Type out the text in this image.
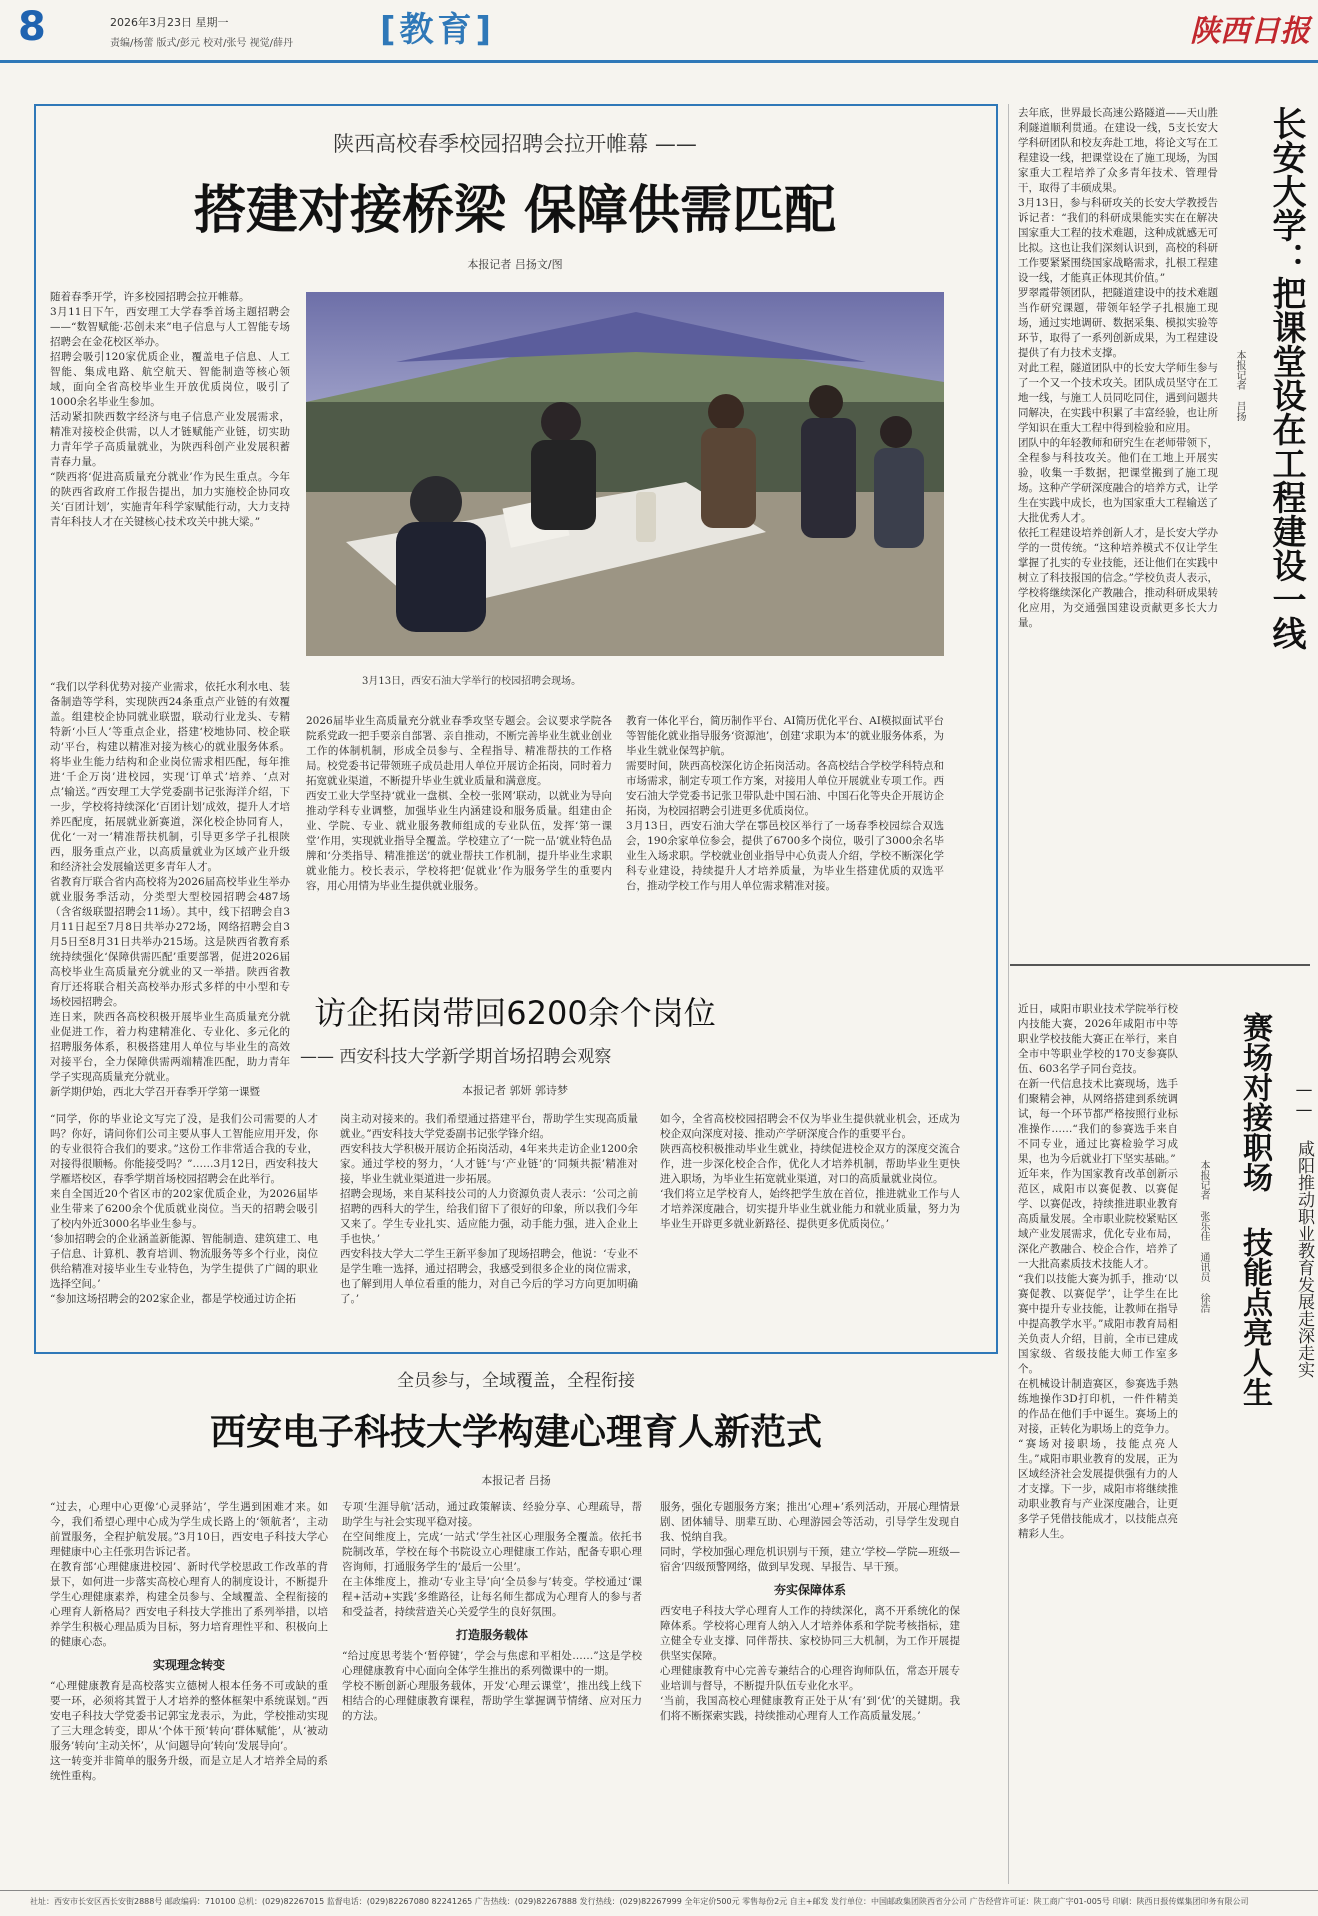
8	2026年3月23日 星期一
责编/杨蕾 版式/彭元 校对/张号 视觉/薛丹	[教育]	陕西日报
陕西高校春季校园招聘会拉开帷幕 ——
搭建对接桥梁 保障供需匹配
本报记者 吕扬文/图
随着春季开学，许多校园招聘会拉开帷幕。
3月11日下午，西安理工大学春季首场主题招聘会——“数智赋能·芯创未来”电子信息与人工智能专场招聘会在金花校区举办。
招聘会吸引120家优质企业，覆盖电子信息、人工智能、集成电路、航空航天、智能制造等核心领域，面向全省高校毕业生开放优质岗位，吸引了1000余名毕业生参加。
活动紧扣陕西数字经济与电子信息产业发展需求，精准对接校企供需，以人才链赋能产业链，切实助力青年学子高质量就业，为陕西科创产业发展积蓄青春力量。
“陕西将‘促进高质量充分就业’作为民生重点。今年的陕西省政府工作报告提出，加力实施校企协同攻关‘百团计划’，实施青年科学家赋能行动，大力支持青年科技人才在关键核心技术攻关中挑大梁。”
3月13日，西安石油大学举行的校园招聘会现场。
“我们以学科优势对接产业需求，依托水利水电、装备制造等学科，实现陕西24条重点产业链的有效覆盖。组建校企协同就业联盟，联动行业龙头、专精特新‘小巨人’等重点企业，搭建‘校地协同、校企联动’平台，构建以精准对接为核心的就业服务体系。将毕业生能力结构和企业岗位需求相匹配，每年推进‘千企万岗’进校园，实现‘订单式’培养、‘点对点’输送。”西安理工大学党委副书记张海洋介绍，下一步，学校将持续深化‘百团计划’成效，提升人才培养匹配度，拓展就业新赛道，深化校企协同育人，优化‘一对一’精准帮扶机制，引导更多学子扎根陕西，服务重点产业，以高质量就业为区域产业升级和经济社会发展输送更多青年人才。
省教育厅联合省内高校将为2026届高校毕业生举办就业服务季活动，分类型大型校园招聘会487场（含省级联盟招聘会11场）。其中，线下招聘会自3月11日起至7月8日共举办272场，网络招聘会自3月5日至8月31日共举办215场。这是陕西省教育系统持续强化‘保障供需匹配’重要部署，促进2026届高校毕业生高质量充分就业的又一举措。陕西省教育厅还将联合相关高校举办形式多样的中小型和专场校园招聘会。
连日来，陕西各高校积极开展毕业生高质量充分就业促进工作，着力构建精准化、专业化、多元化的招聘服务体系，积极搭建用人单位与毕业生的高效对接平台，全力保障供需两端精准匹配，助力青年学子实现高质量充分就业。
新学期伊始，西北大学召开春季开学第一课暨
2026届毕业生高质量充分就业春季攻坚专题会。会议要求学院各院系党政一把手要亲自部署、亲自推动，不断完善毕业生就业创业工作的体制机制，形成全员参与、全程指导、精准帮扶的工作格局。校党委书记带领班子成员赴用人单位开展访企拓岗，同时着力拓宽就业渠道，不断提升毕业生就业质量和满意度。
西安工业大学坚持‘就业一盘棋、全校一张网’联动，以就业为导向推动学科专业调整，加强毕业生内涵建设和服务质量。组建由企业、学院、专业、就业服务教师组成的专业队伍，发挥‘第一课堂’作用，实现就业指导全覆盖。学校建立了‘一院一品’就业特色品牌和‘分类指导、精准推送’的就业帮扶工作机制，提升毕业生求职就业能力。校长表示，学校将把‘促就业’作为服务学生的重要内容，用心用情为毕业生提供就业服务。
教育一体化平台，简历制作平台、AI简历优化平台、AI模拟面试平台等智能化就业指导服务‘资源池’，创建‘求职为本’的就业服务体系，为毕业生就业保驾护航。
需要时间，陕西高校深化访企拓岗活动。各高校结合学校学科特点和市场需求，制定专项工作方案，对接用人单位开展就业专项工作。西安石油大学党委书记张卫带队赴中国石油、中国石化等央企开展访企拓岗，为校园招聘会引进更多优质岗位。
3月13日，西安石油大学在鄠邑校区举行了一场春季校园综合双选会，190余家单位参会，提供了6700多个岗位，吸引了3000余名毕业生入场求职。学校就业创业指导中心负责人介绍，学校不断深化学科专业建设，持续提升人才培养质量，为毕业生搭建优质的双选平台，推动学校工作与用人单位需求精准对接。
访企拓岗带回6200余个岗位
—— 西安科技大学新学期首场招聘会观察
本报记者 郭妍 郭诗梦
“同学，你的毕业论文写完了没，是我们公司需要的人才吗？你好，请问你们公司主要从事人工智能应用开发，你的专业很符合我们的要求。”这份工作非常适合我的专业，对接得很顺畅。你能接受吗？”……3月12日，西安科技大学雁塔校区，春季学期首场校园招聘会在此举行。
来自全国近20个省区市的202家优质企业，为2026届毕业生带来了6200余个优质就业岗位。当天的招聘会吸引了校内外近3000名毕业生参与。
‘参加招聘会的企业涵盖新能源、智能制造、建筑建工、电子信息、计算机、教育培训、物流服务等多个行业，岗位供给精准对接毕业生专业特色，为学生提供了广阔的职业选择空间。’
“参加这场招聘会的202家企业，都是学校通过访企拓
岗主动对接来的。我们希望通过搭建平台，帮助学生实现高质量就业。”西安科技大学党委副书记张学锋介绍。
西安科技大学积极开展访企拓岗活动，4年来共走访企业1200余家。通过学校的努力，‘人才链’与‘产业链’的‘同频共振’精准对接，毕业生就业渠道进一步拓展。
招聘会现场，来自某科技公司的人力资源负责人表示：‘公司之前招聘的西科大的学生，给我们留下了很好的印象，所以我们今年又来了。学生专业扎实、适应能力强，动手能力强，进入企业上手也快。’
西安科技大学大二学生王新平参加了现场招聘会，他说：‘专业不是学生唯一选择，通过招聘会，我感受到很多企业的岗位需求，也了解到用人单位看重的能力，对自己今后的学习方向更加明确了。’
如今，全省高校校园招聘会不仅为毕业生提供就业机会，还成为校企双向深度对接、推动产学研深度合作的重要平台。
陕西高校积极推动毕业生就业，持续促进校企双方的深度交流合作，进一步深化校企合作，优化人才培养机制，帮助毕业生更快进入职场，为毕业生拓宽就业渠道，对口的高质量就业岗位。
‘我们将立足学校育人，始终把学生放在首位，推进就业工作与人才培养深度融合，切实提升毕业生就业能力和就业质量，努力为毕业生开辟更多就业新路径、提供更多优质岗位。’
全员参与，全域覆盖，全程衔接
西安电子科技大学构建心理育人新范式
本报记者 吕扬
“过去，心理中心更像‘心灵驿站’，学生遇到困难才来。如今，我们希望心理中心成为学生成长路上的‘领航者’，主动前置服务，全程护航发展。”3月10日，西安电子科技大学心理健康中心主任张玥告诉记者。
在教育部‘心理健康进校园’、新时代学校思政工作改革的背景下，如何进一步落实高校心理育人的制度设计，不断提升学生心理健康素养，构建全员参与、全域覆盖、全程衔接的心理育人新格局？西安电子科技大学推出了系列举措，以培养学生积极心理品质为目标，努力培育理性平和、积极向上的健康心态。
实现理念转变
“心理健康教育是高校落实立德树人根本任务不可或缺的重要一环，必须将其置于人才培养的整体框架中系统谋划。”西安电子科技大学党委书记郭宝龙表示，为此，学校推动实现了三大理念转变，即从‘个体干预’转向‘群体赋能’，从‘被动服务’转向‘主动关怀’，从‘问题导向’转向‘发展导向’。
这一转变并非简单的服务升级，而是立足人才培养全局的系统性重构。
专项‘生涯导航’活动，通过政策解读、经验分享、心理疏导，帮助学生与社会实现平稳对接。
在空间维度上，完成‘一站式’学生社区心理服务全覆盖。依托书院制改革，学校在每个书院设立心理健康工作站，配备专职心理咨询师，打通服务学生的‘最后一公里’。
在主体维度上，推动‘专业主导’向‘全员参与’转变。学校通过‘课程+活动+实践’多维路径，让每名师生都成为心理育人的参与者和受益者，持续营造关心关爱学生的良好氛围。
打造服务载体
“给过度思考装个‘暂停键’，学会与焦虑和平相处……”这是学校心理健康教育中心面向全体学生推出的系列微课中的一期。
学校不断创新心理服务载体，开发‘心理云课堂’，推出线上线下相结合的心理健康教育课程，帮助学生掌握调节情绪、应对压力的方法。
服务，强化专题服务方案；推出‘心理+’系列活动，开展心理情景剧、团体辅导、朋辈互助、心理游园会等活动，引导学生发现自我、悦纳自我。
同时，学校加强心理危机识别与干预，建立‘学校—学院—班级—宿舍’四级预警网络，做到早发现、早报告、早干预。
夯实保障体系
西安电子科技大学心理育人工作的持续深化，离不开系统化的保障体系。学校将心理育人纳入人才培养体系和学院考核指标，建立健全专业支撑、同伴帮扶、家校协同三大机制，为工作开展提供坚实保障。
心理健康教育中心完善专兼结合的心理咨询师队伍，常态开展专业培训与督导，不断提升队伍专业化水平。
‘当前，我国高校心理健康教育正处于从‘有’到‘优’的关键期。我们将不断探索实践，持续推动心理育人工作高质量发展。’
去年底，世界最长高速公路隧道——天山胜利隧道顺利贯通。在建设一线，5支长安大学科研团队和校友奔赴工地，将论文写在工程建设一线，把课堂设在了施工现场，为国家重大工程培养了众多青年技术、管理骨干，取得了丰硕成果。
3月13日，参与科研攻关的长安大学教授告诉记者：“我们的科研成果能实实在在解决国家重大工程的技术难题，这种成就感无可比拟。这也让我们深刻认识到，高校的科研工作要紧紧围绕国家战略需求，扎根工程建设一线，才能真正体现其价值。”
罗翠霞带领团队，把隧道建设中的技术难题当作研究课题，带领年轻学子扎根施工现场，通过实地调研、数据采集、模拟实验等环节，取得了一系列创新成果，为工程建设提供了有力技术支撑。
对此工程，隧道团队中的长安大学师生参与了一个又一个技术攻关。团队成员坚守在工地一线，与施工人员同吃同住，遇到问题共同解决，在实践中积累了丰富经验，也让所学知识在重大工程中得到检验和应用。
团队中的年轻教师和研究生在老师带领下，全程参与科技攻关。他们在工地上开展实验，收集一手数据，把课堂搬到了施工现场。这种产学研深度融合的培养方式，让学生在实践中成长，也为国家重大工程输送了大批优秀人才。
依托工程建设培养创新人才，是长安大学办学的一贯传统。“这种培养模式不仅让学生掌握了扎实的专业技能，还让他们在实践中树立了科技报国的信念。”学校负责人表示，学校将继续深化产教融合，推动科研成果转化应用，为交通强国建设贡献更多长大力量。	长安大学：把课堂设在工程建设一线
本报记者 吕扬
近日，咸阳市职业技术学院举行校内技能大赛，2026年咸阳市中等职业学校技能大赛正在举行，来自全市中等职业学校的170支参赛队伍、603名学子同台竞技。
在新一代信息技术比赛现场，选手们聚精会神，从网络搭建到系统调试，每一个环节都严格按照行业标准操作……“我们的参赛选手来自不同专业，通过比赛检验学习成果，也为今后就业打下坚实基础。”
近年来，作为国家教育改革创新示范区，咸阳市以赛促教、以赛促学、以赛促改，持续推进职业教育高质量发展。全市职业院校紧贴区域产业发展需求，优化专业布局，深化产教融合、校企合作，培养了一大批高素质技术技能人才。
“我们以技能大赛为抓手，推动‘以赛促教、以赛促学’，让学生在比赛中提升专业技能，让教师在指导中提高教学水平。”咸阳市教育局相关负责人介绍，目前，全市已建成国家级、省级技能大师工作室多个。
在机械设计制造赛区，参赛选手熟练地操作3D打印机，一件件精美的作品在他们手中诞生。赛场上的对接，正转化为职场上的竞争力。
“赛场对接职场，技能点亮人生。”咸阳市职业教育的发展，正为区域经济社会发展提供强有力的人才支撑。下一步，咸阳市将继续推动职业教育与产业深度融合，让更多学子凭借技能成才，以技能点亮精彩人生。
—— 咸阳推动职业教育发展走深走实
赛场对接职场 技能点亮人生
本报记者 张乐佳 通讯员 徐浩
社址：西安市长安区西长安街2888号 邮政编码：710100 总机：(029)82267015 监督电话：(029)82267080 82241265 广告热线：(029)82267888 发行热线：(029)82267999 全年定价500元 零售每份2元 自主+邮发 发行单位：中国邮政集团陕西省分公司 广告经营许可证：陕工商广字01-005号 印刷：陕西日报传媒集团印务有限公司
